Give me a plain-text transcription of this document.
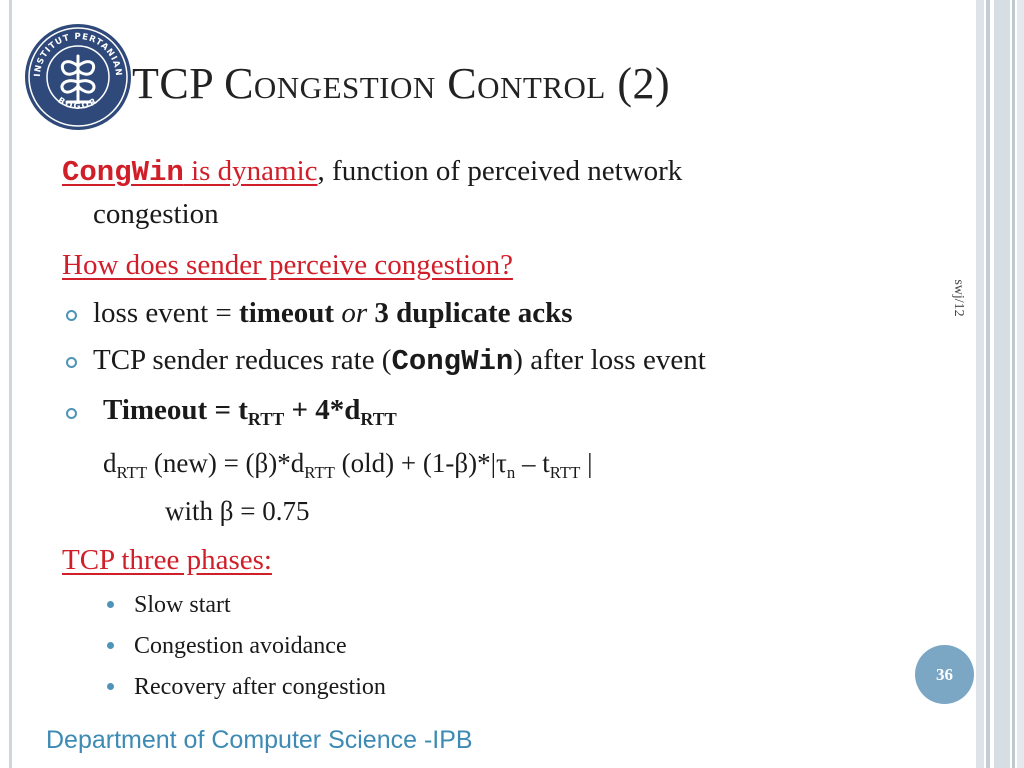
INSTITUT PERTANIAN
BOGOR TCP Congestion Control (2)
swj/12
CongWin is dynamic, function of perceived network
congestion
How does sender perceive congestion?
loss event = timeout or 3 duplicate acks
TCP sender reduces rate (CongWin) after loss event
Timeout = $t_{RTT} + 4*d_{RTT}$
$d_{RTT}$ $(new) = (\beta)*d_{RTT}$ $(old) + (1-\beta)*|\tau_n - t_{RTT}$ |
with β = 0.75
TCP three phases:
Slow start
Congestion avoidance
Recovery after congestion	36
Department of Computer Science -IPB
